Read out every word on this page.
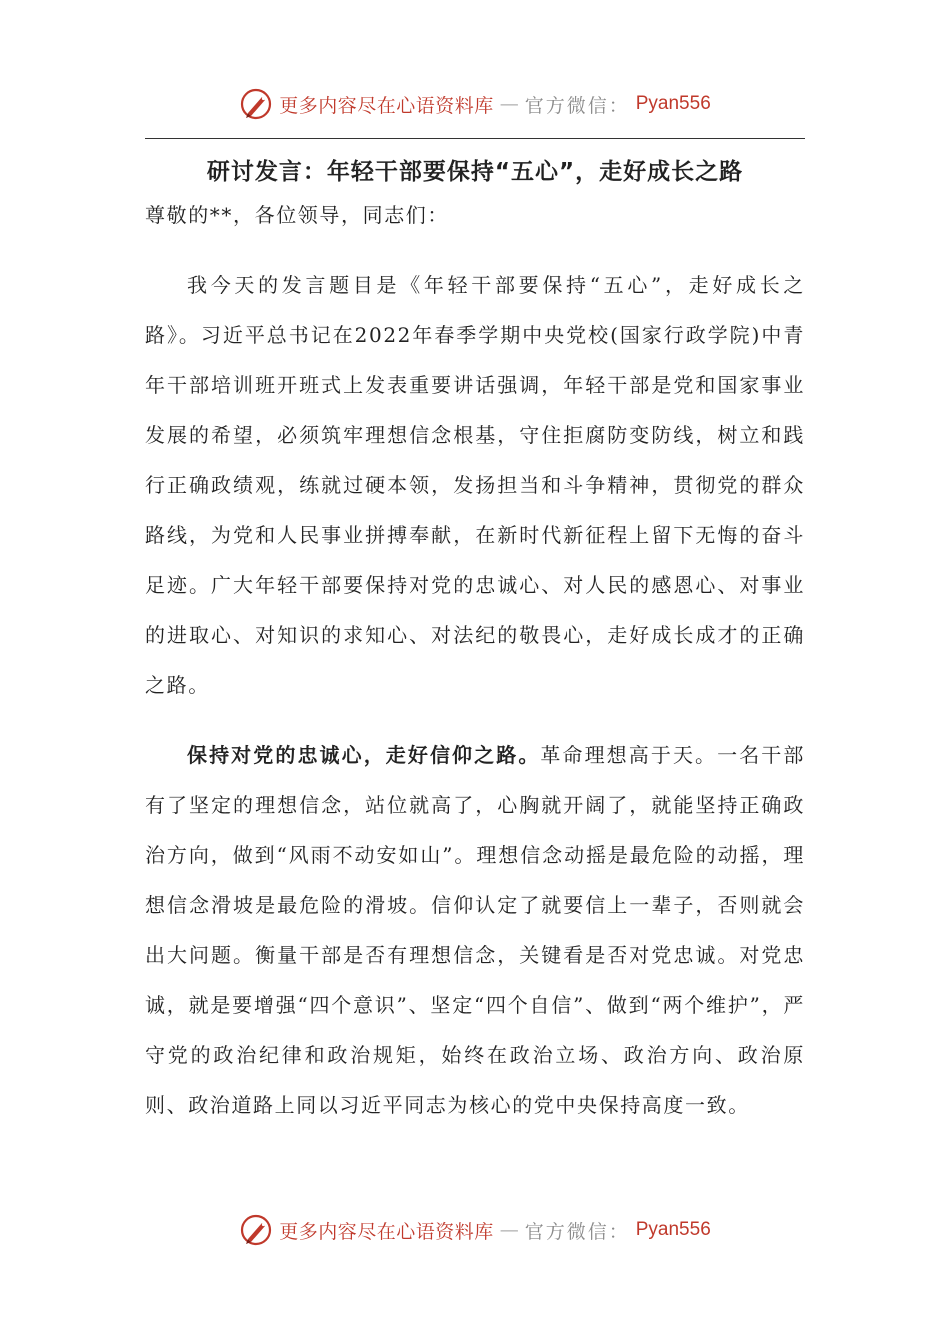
更多内容尽在心语资料库 — 官方微信： Pyan556
研讨发言：年轻干部要保持“五心”，走好成长之路

尊敬的**，各位领导，同志们：

我今天的发言题目是《年轻干部要保持“五心”，走好成长之路》。习近平总书记在2022年春季学期中央党校(国家行政学院)中青年干部培训班开班式上发表重要讲话强调，年轻干部是党和国家事业发展的希望，必须筑牢理想信念根基，守住拒腐防变防线，树立和践行正确政绩观，练就过硬本领，发扬担当和斗争精神，贯彻党的群众路线，为党和人民事业拼搏奉献，在新时代新征程上留下无悔的奋斗足迹。广大年轻干部要保持对党的忠诚心、对人民的感恩心、对事业的进取心、对知识的求知心、对法纪的敬畏心，走好成长成才的正确之路。

保持对党的忠诚心，走好信仰之路。革命理想高于天。一名干部有了坚定的理想信念，站位就高了，心胸就开阔了，就能坚持正确政治方向，做到“风雨不动安如山”。理想信念动摇是最危险的动摇，理想信念滑坡是最危险的滑坡。信仰认定了就要信上一辈子，否则就会出大问题。衡量干部是否有理想信念，关键看是否对党忠诚。对党忠诚，就是要增强“四个意识”、坚定“四个自信”、做到“两个维护”，严守党的政治纪律和政治规矩，始终在政治立场、政治方向、政治原则、政治道路上同以习近平同志为核心的党中央保持高度一致。

更多内容尽在心语资料库 — 官方微信： Pyan556
